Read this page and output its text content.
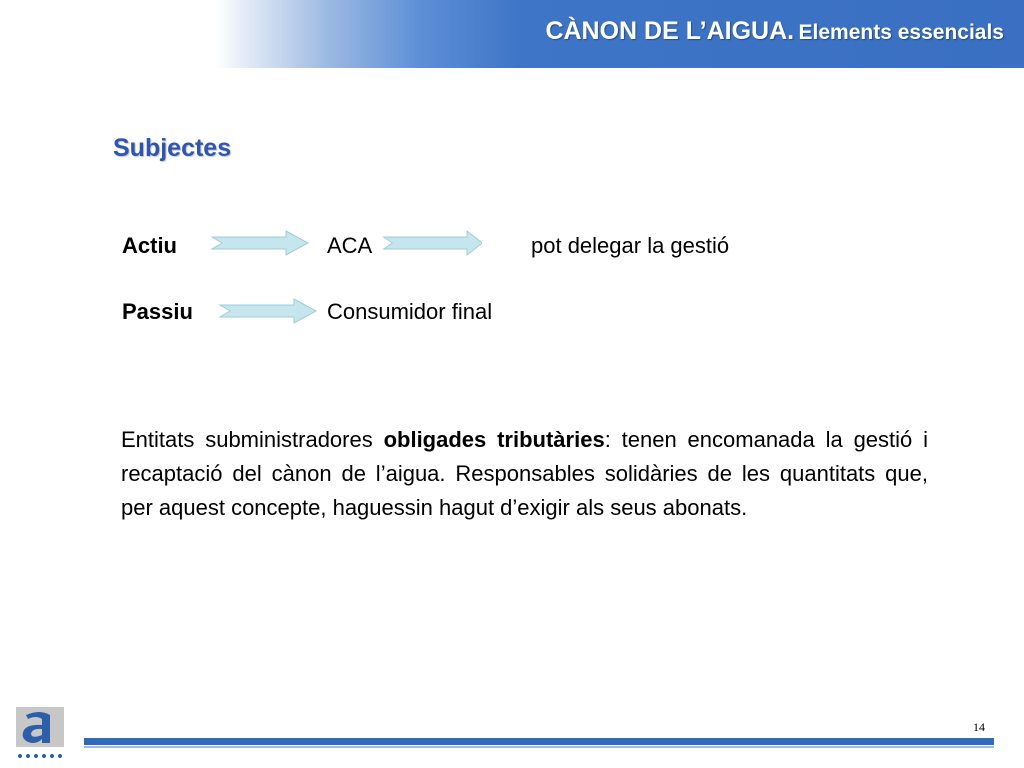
CÀNON DE L’AIGUA. Elements essencials
Subjectes
Actiu	ACA	pot delegar la gestió
Passiu	Consumidor final
Entitats subministradores obligades tributàries: tenen encomanada la gestió i recaptació del cànon de l’aigua. Responsables solidàries de les quantitats que, per aquest concepte, haguessin hagut d’exigir als seus abonats.
14
